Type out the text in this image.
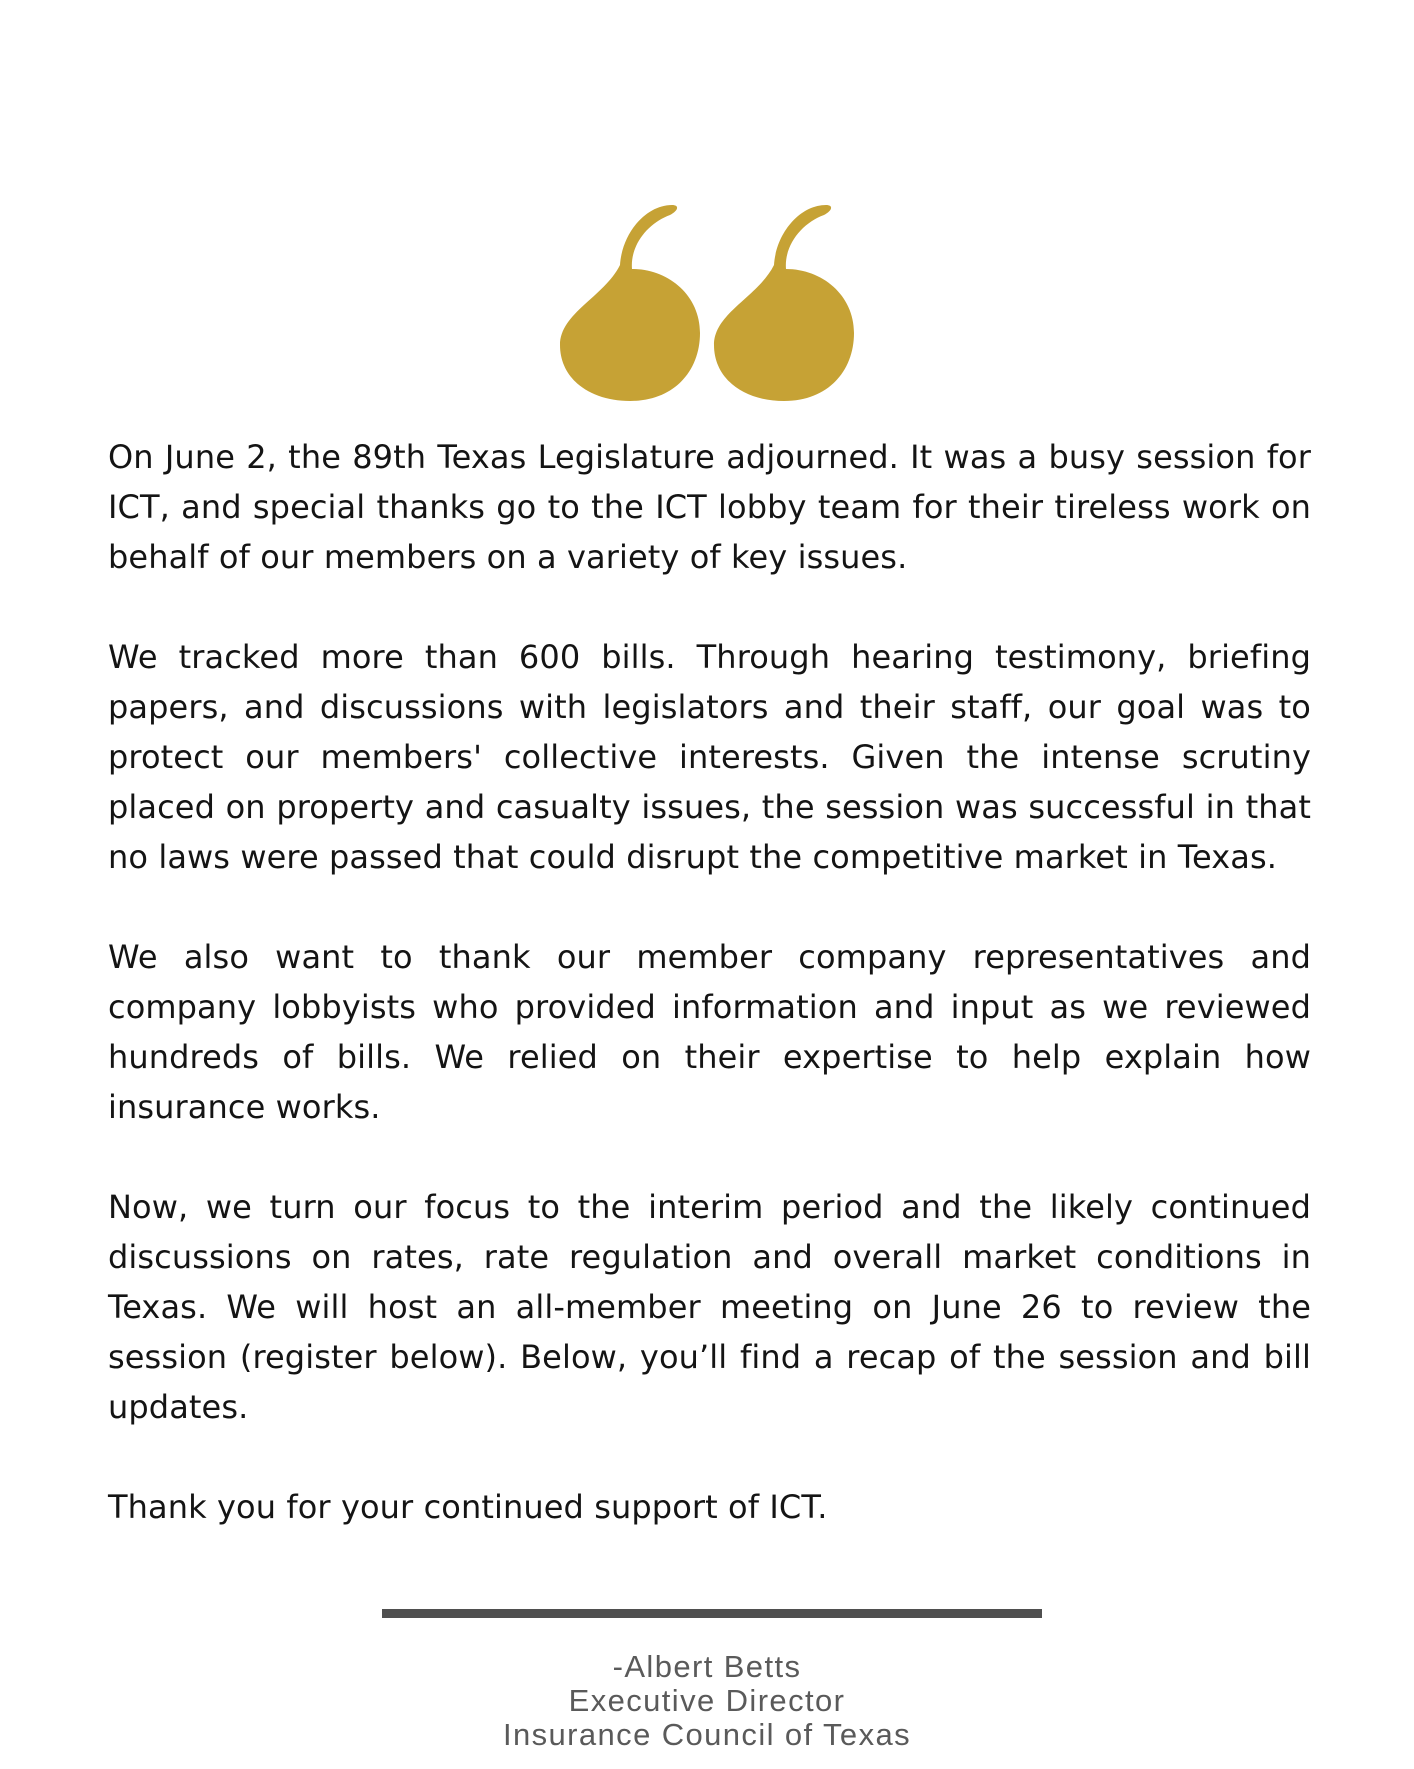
On June 2, the 89th Texas Legislature adjourned. It was a busy session for ICT, and special thanks go to the ICT lobby team for their tireless work on behalf of our members on a variety of key issues.

We tracked more than 600 bills. Through hearing testimony, briefing papers, and discussions with legislators and their staff, our goal was to protect our members' collective interests. Given the intense scrutiny placed on property and casualty issues, the session was successful in that no laws were passed that could disrupt the competitive market in Texas.

We also want to thank our member company representatives and company lobbyists who provided information and input as we reviewed hundreds of bills. We relied on their expertise to help explain how insurance works.

Now, we turn our focus to the interim period and the likely continued discussions on rates, rate regulation and overall market conditions in Texas. We will host an all-member meeting on June 26 to review the session (register below). Below, you’ll find a recap of the session and bill updates.

Thank you for your continued support of ICT.

-Albert Betts
Executive Director
Insurance Council of Texas
